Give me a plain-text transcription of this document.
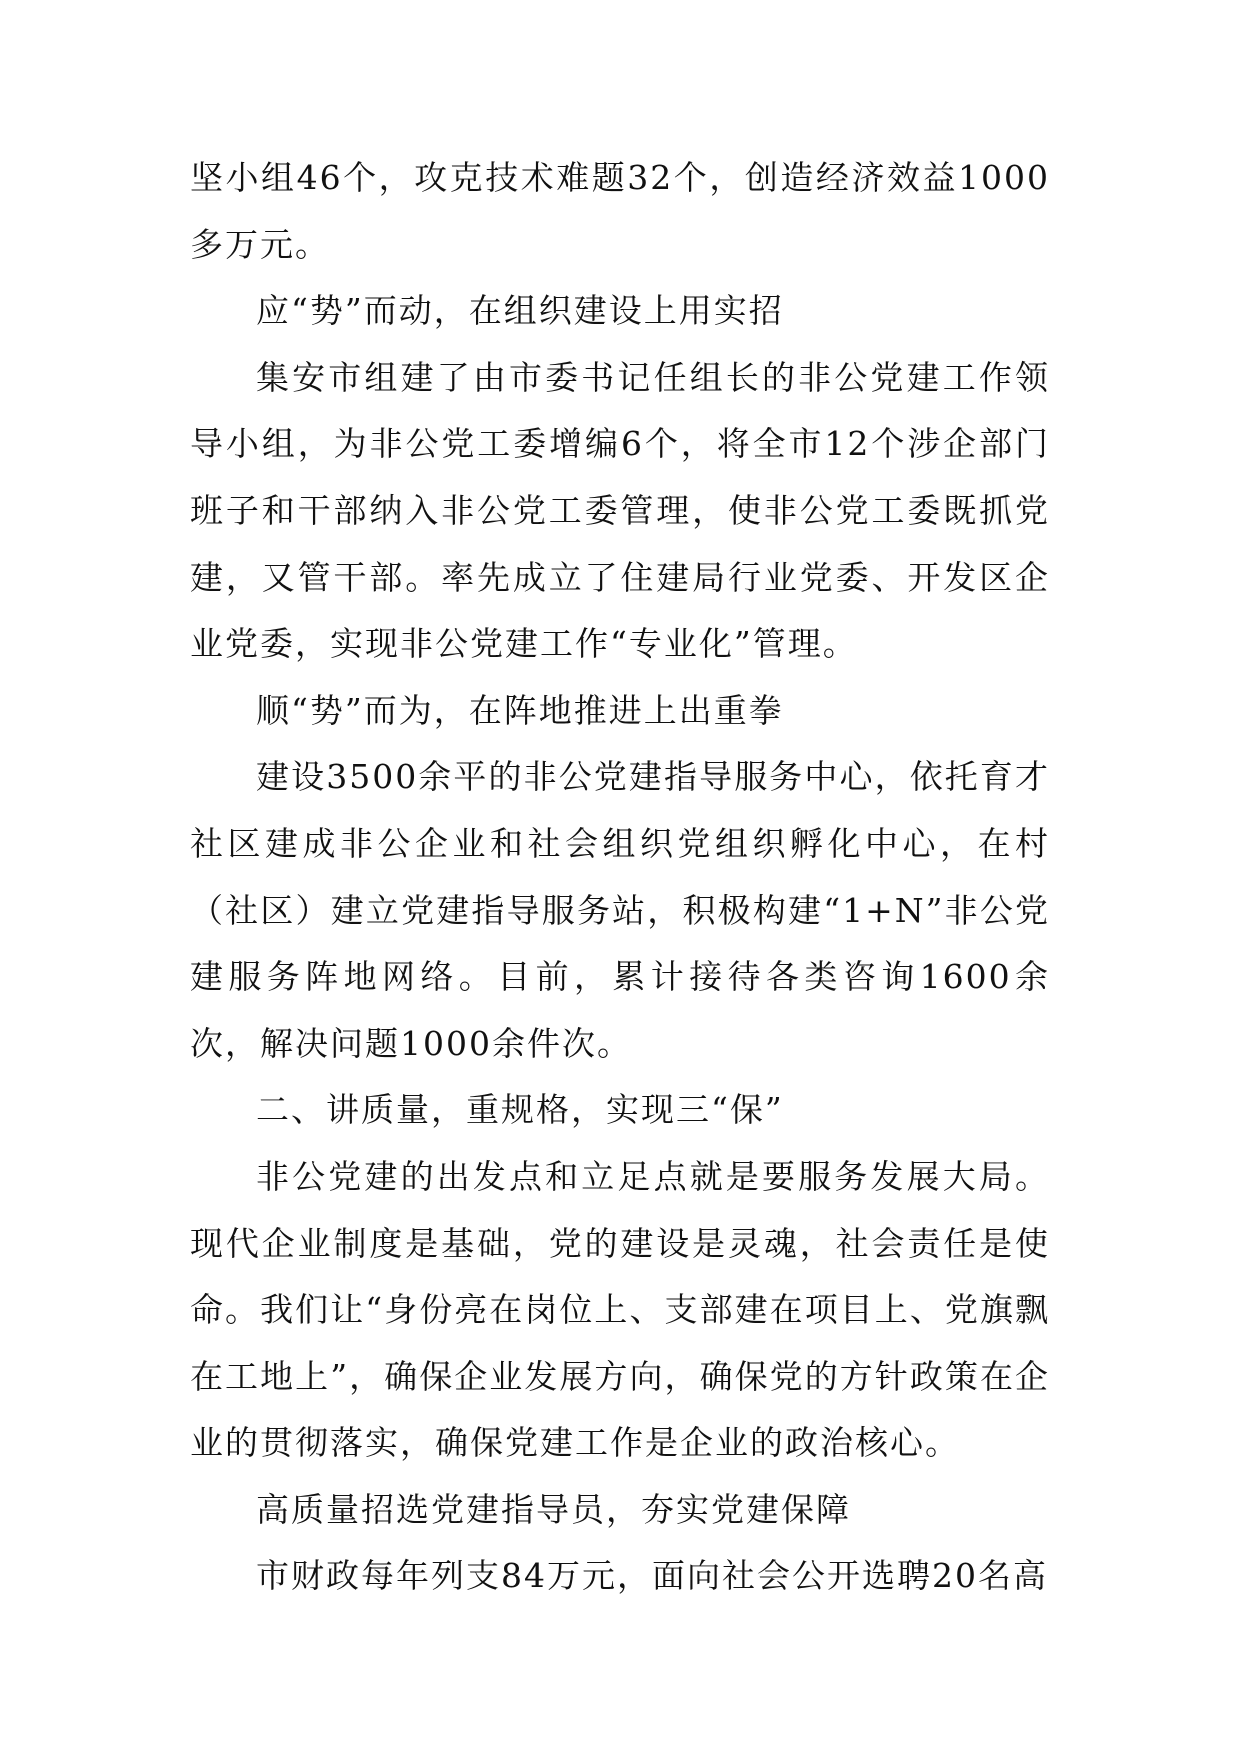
坚小组46个，攻克技术难题32个，创造经济效益1000多万元。

应“势”而动，在组织建设上用实招

集安市组建了由市委书记任组长的非公党建工作领导小组，为非公党工委增编6个，将全市12个涉企部门班子和干部纳入非公党工委管理，使非公党工委既抓党建，又管干部。率先成立了住建局行业党委、开发区企业党委，实现非公党建工作“专业化”管理。

顺“势”而为，在阵地推进上出重拳

建设3500余平的非公党建指导服务中心，依托育才社区建成非公企业和社会组织党组织孵化中心，在村（社区）建立党建指导服务站，积极构建“1+N”非公党建服务阵地网络。目前，累计接待各类咨询1600余次，解决问题1000余件次。

二、讲质量，重规格，实现三“保”

非公党建的出发点和立足点就是要服务发展大局。现代企业制度是基础，党的建设是灵魂，社会责任是使命。我们让“身份亮在岗位上、支部建在项目上、党旗飘在工地上”，确保企业发展方向，确保党的方针政策在企业的贯彻落实，确保党建工作是企业的政治核心。

高质量招选党建指导员，夯实党建保障

市财政每年列支84万元，面向社会公开选聘20名高
